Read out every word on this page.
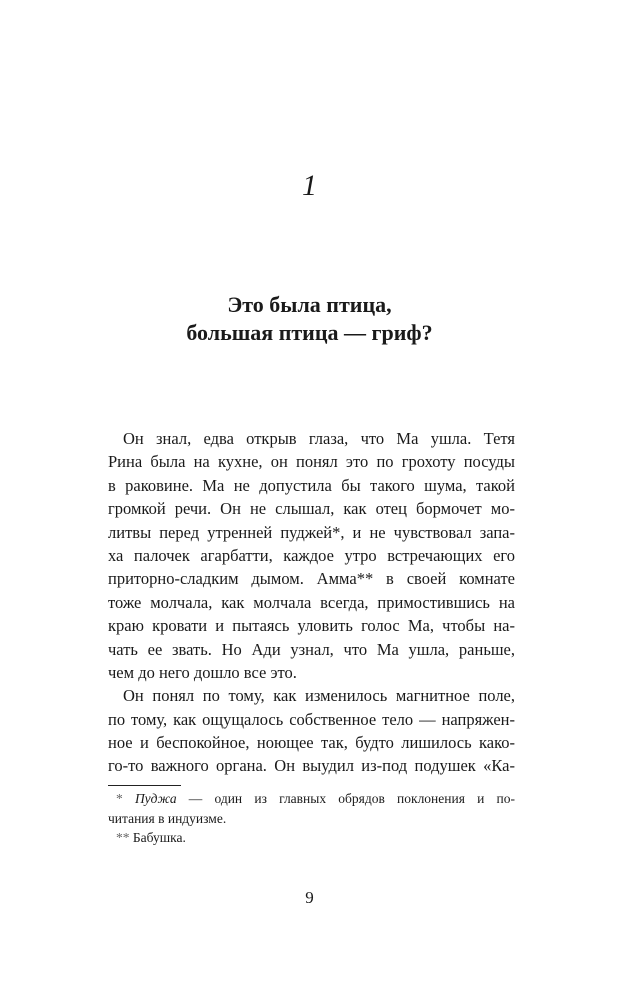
1
Это была птица,
большая птица — гриф?
Он знал, едва открыв глаза, что Ма ушла. Тетя
Рина была на кухне, он понял это по грохоту посуды
в раковине. Ма не допустила бы такого шума, такой
громкой речи. Он не слышал, как отец бормочет мо-
литвы перед утренней пуджей*, и не чувствовал запа-
ха палочек агарбатти, каждое утро встречающих его
приторно-сладким дымом. Амма** в своей комнате
тоже молчала, как молчала всегда, примостившись на
краю кровати и пытаясь уловить голос Ма, чтобы на-
чать ее звать. Но Ади узнал, что Ма ушла, раньше,
чем до него дошло все это.
Он понял по тому, как изменилось магнитное поле,
по тому, как ощущалось собственное тело — напряжен-
ное и беспокойное, ноющее так, будто лишилось како-
го-то важного органа. Он выудил из-под подушек «Ка-
* Пуджа — один из главных обрядов поклонения и по-
читания в индуизме.
** Бабушка.
9
